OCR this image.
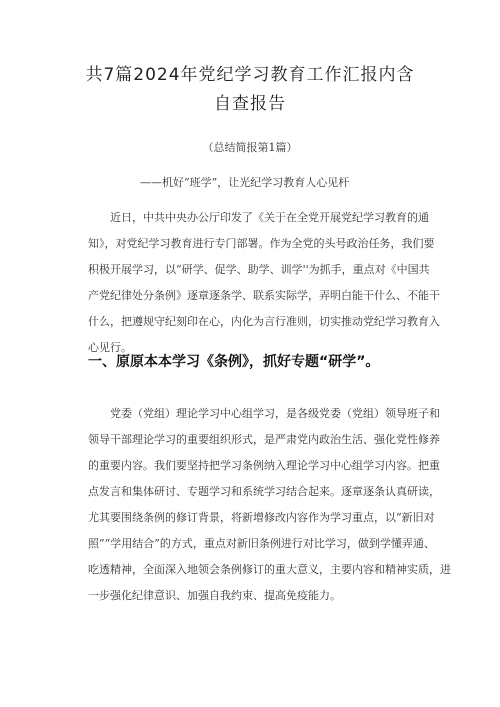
共7篇2024年党纪学习教育工作汇报内含
自查报告
（总结简报第1篇）
——机好“班学”，让光纪学习教育人心见杆
近日，中共中央办公厅印发了《关于在全党开展党纪学习教育的通
知》，对党纪学习教育进行专门部署。作为全党的头号政治任务，我们要
积极开展学习，以“研学、促学、助学、训学''为抓手，重点对《中国共
产党纪律处分条例》逐章逐条学、联系实际学，弄明白能干什么、不能干
什么，把遵规守纪刻印在心，内化为言行准则，切实推动党纪学习教育入
心见行。
一、原原本本学习《条例》，抓好专题“研学”。
党委（党组）理论学习中心组学习，是各级党委（党组）领导班子和
领导干部理论学习的重要组织形式，是严肃党内政治生活、强化党性修养
的重要内容。我们要坚持把学习条例纳入理论学习中心组学习内容。把重
点发言和集体研讨、专题学习和系统学习结合起来。逐章逐条认真研读，
尤其要围绕条例的修订背景，将新增修改内容作为学习重点，以“新旧对
照”“学用结合”的方式，重点对新旧条例进行对比学习，做到学懂弄通、
吃透精神，全面深入地领会条例修订的重大意义，主要内容和精神实质，进
一步强化纪律意识、加强自我约束、提高免疫能力。
